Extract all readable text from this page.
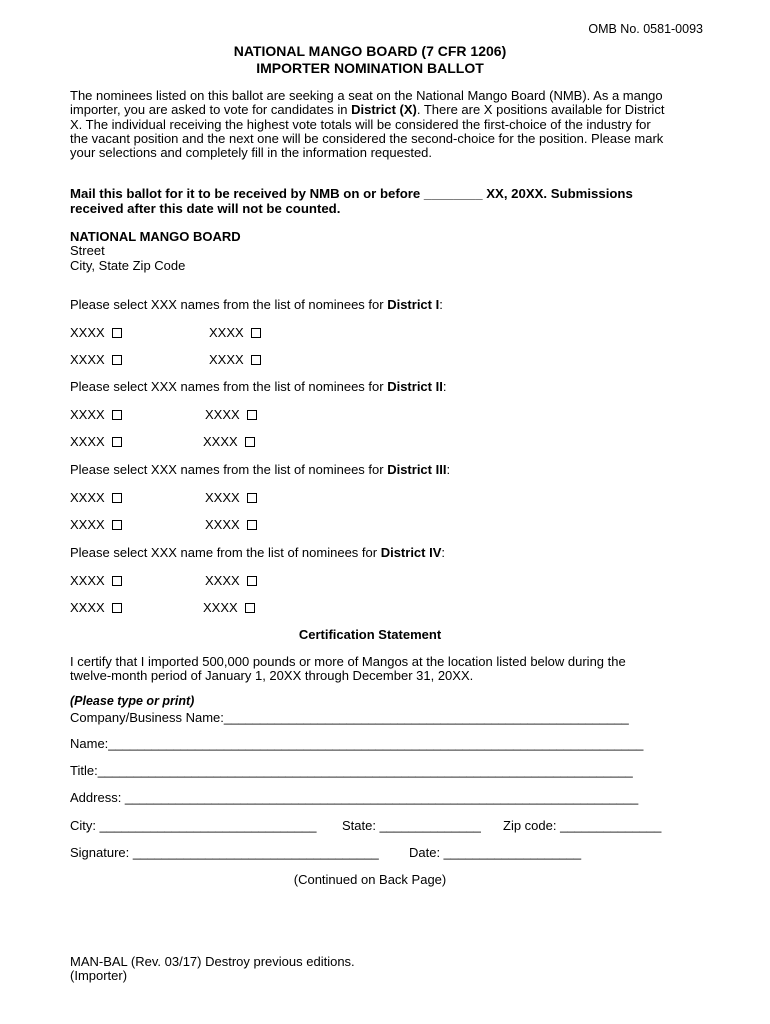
OMB No. 0581-0093
NATIONAL MANGO BOARD (7 CFR 1206)
IMPORTER NOMINATION BALLOT
The nominees listed on this ballot are seeking a seat on the National Mango Board (NMB). As a mango importer, you are asked to vote for candidates in District (X). There are X positions available for District X. The individual receiving the highest vote totals will be considered the first-choice of the industry for the vacant position and the next one will be considered the second-choice for the position. Please mark your selections and completely fill in the information requested.
Mail this ballot for it to be received by NMB on or before ________ XX, 20XX. Submissions received after this date will not be counted.
NATIONAL MANGO BOARD
Street
City, State Zip Code
Please select XXX names from the list of nominees for District I:
XXXX	XXXX
XXXX	XXXX
Please select XXX names from the list of nominees for District II:
XXXX	XXXX
XXXX	XXXX
Please select XXX names from the list of nominees for District III:
XXXX	XXXX
XXXX	XXXX
Please select XXX name from the list of nominees for District IV:
XXXX	XXXX
XXXX	XXXX
Certification Statement
I certify that I imported 500,000 pounds or more of Mangos at the location listed below during the twelve-month period of January 1, 20XX through December 31, 20XX.
(Please type or print)
Company/Business Name:________________________________________________________
Name:__________________________________________________________________________
Title:__________________________________________________________________________
Address: _______________________________________________________________________
City: ______________________________ State: ______________ Zip code: ______________
Signature: __________________________________ Date: ___________________
(Continued on Back Page)
MAN-BAL (Rev. 03/17) Destroy previous editions.
(Importer)
